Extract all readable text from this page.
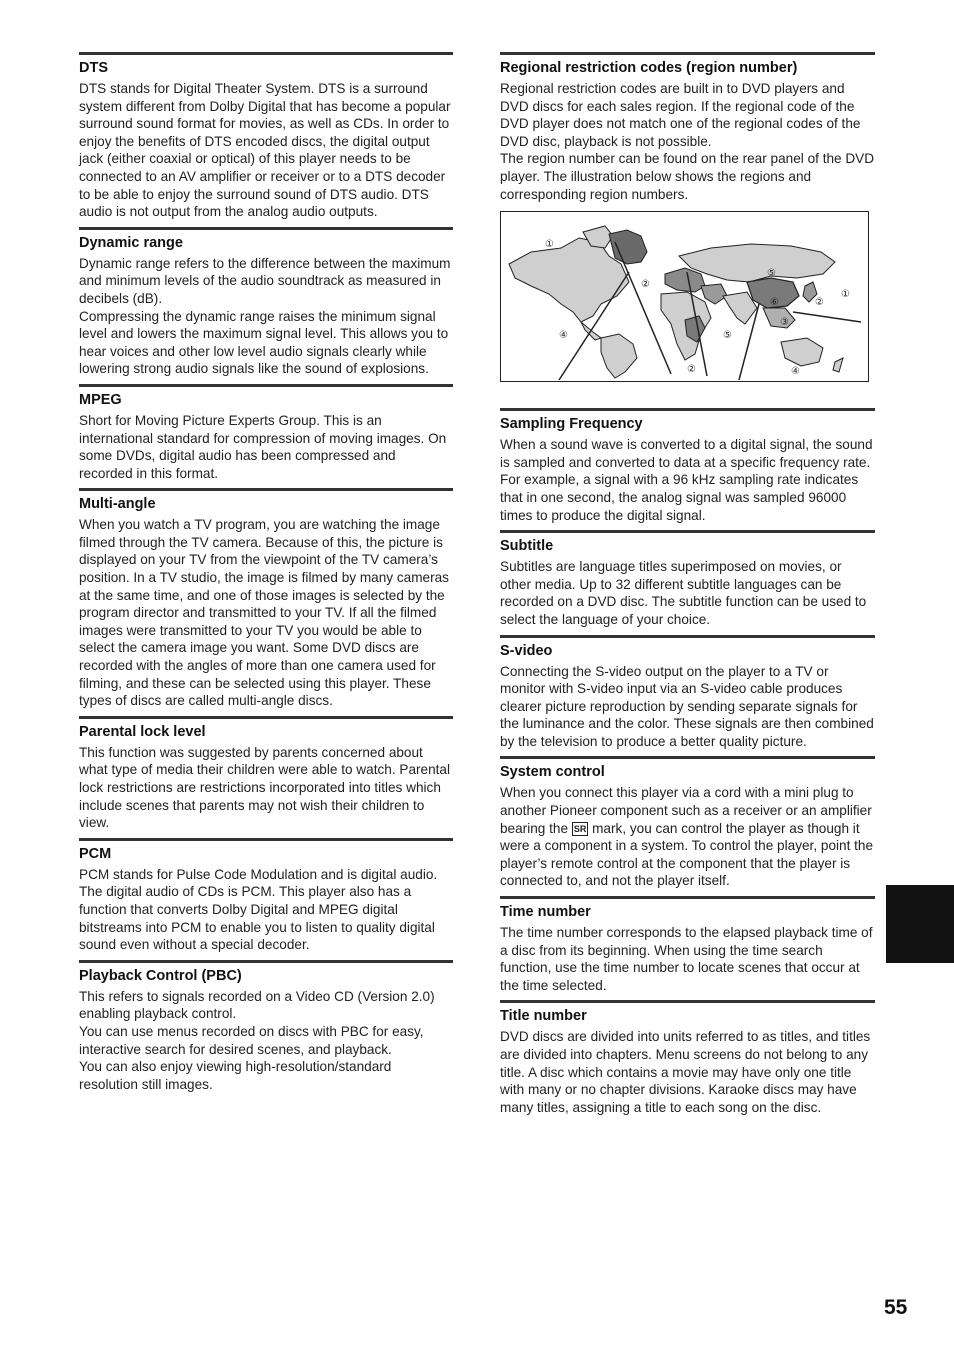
DTS

DTS stands for Digital Theater System. DTS is a surround system different from Dolby Digital that has become a popular surround sound format for movies, as well as CDs. In order to enjoy the benefits of DTS encoded discs, the digital output jack (either coaxial or optical) of this player needs to be connected to an AV amplifier or receiver or to a DTS decoder to be able to enjoy the surround sound of DTS audio. DTS audio is not output from the analog audio outputs.

Dynamic range

Dynamic range refers to the difference between the maximum and minimum levels of the audio soundtrack as measured in decibels (dB).
Compressing the dynamic range raises the minimum signal level and lowers the maximum signal level. This allows you to hear voices and other low level audio signals clearly while lowering strong audio signals like the sound of explosions.

MPEG

Short for Moving Picture Experts Group. This is an international standard for compression of moving images. On some DVDs, digital audio has been compressed and recorded in this format.

Multi-angle

When you watch a TV program, you are watching the image filmed through the TV camera. Because of this, the picture is displayed on your TV from the viewpoint of the TV camera’s position. In a TV studio, the image is filmed by many cameras at the same time, and one of those images is selected by the program director and transmitted to your TV. If all the filmed images were transmitted to your TV you would be able to select the camera image you want. Some DVD discs are recorded with the angles of more than one camera used for filming, and these can be selected using this player. These types of discs are called multi-angle discs.

Parental lock level

This function was suggested by parents concerned about what type of media their children were able to watch. Parental lock restrictions are restrictions incorporated into titles which include scenes that parents may not wish their children to view.

PCM

PCM stands for Pulse Code Modulation and is digital audio. The digital audio of CDs is PCM. This player also has a function that converts Dolby Digital and MPEG digital bitstreams into PCM to enable you to listen to quality digital sound even without a special decoder.

Playback Control (PBC)

This refers to signals recorded on a Video CD (Version 2.0) enabling playback control.
You can use menus recorded on discs with PBC for easy, interactive search for desired scenes, and playback.
You can also enjoy viewing high-resolution/standard resolution still images.

Regional restriction codes (region number)

Regional restriction codes are built in to DVD players and DVD discs for each sales region. If the regional code of the DVD player does not match one of the regional codes of the DVD disc, playback is not possible.
The region number can be found on the rear panel of the DVD player. The illustration below shows the regions and corresponding region numbers.

①
②
④
②
⑤
⑤
⑥	②
①
③
④
Sampling Frequency

When a sound wave is converted to a digital signal, the sound is sampled and converted to data at a specific frequency rate. For example, a signal with a 96 kHz sampling rate indicates that in one second, the analog signal was sampled 96000 times to produce the digital signal.

Subtitle

Subtitles are language titles superimposed on movies, or other media. Up to 32 different subtitle languages can be recorded on a DVD disc. The subtitle function can be used to select the language of your choice.

S-video

Connecting the S-video output on the player to a TV or monitor with S-video input via an S-video cable produces clearer picture reproduction by sending separate signals for the luminance and the color. These signals are then combined by the television to produce a better quality picture.

System control

When you connect this player via a cord with a mini plug to another Pioneer component such as a receiver or an amplifier bearing the SR mark, you can control the player as though it were a component in a system. To control the player, point the player’s remote control at the component that the player is connected to, and not the player itself.

Time number

The time number corresponds to the elapsed playback time of a disc from its beginning. When using the time search function, use the time number to locate scenes that occur at the time selected.

Title number

DVD discs are divided into units referred to as titles, and titles are divided into chapters. Menu screens do not belong to any title. A disc which contains a movie may have only one title with many or no chapter divisions. Karaoke discs may have many titles, assigning a title to each song on the disc.

55
